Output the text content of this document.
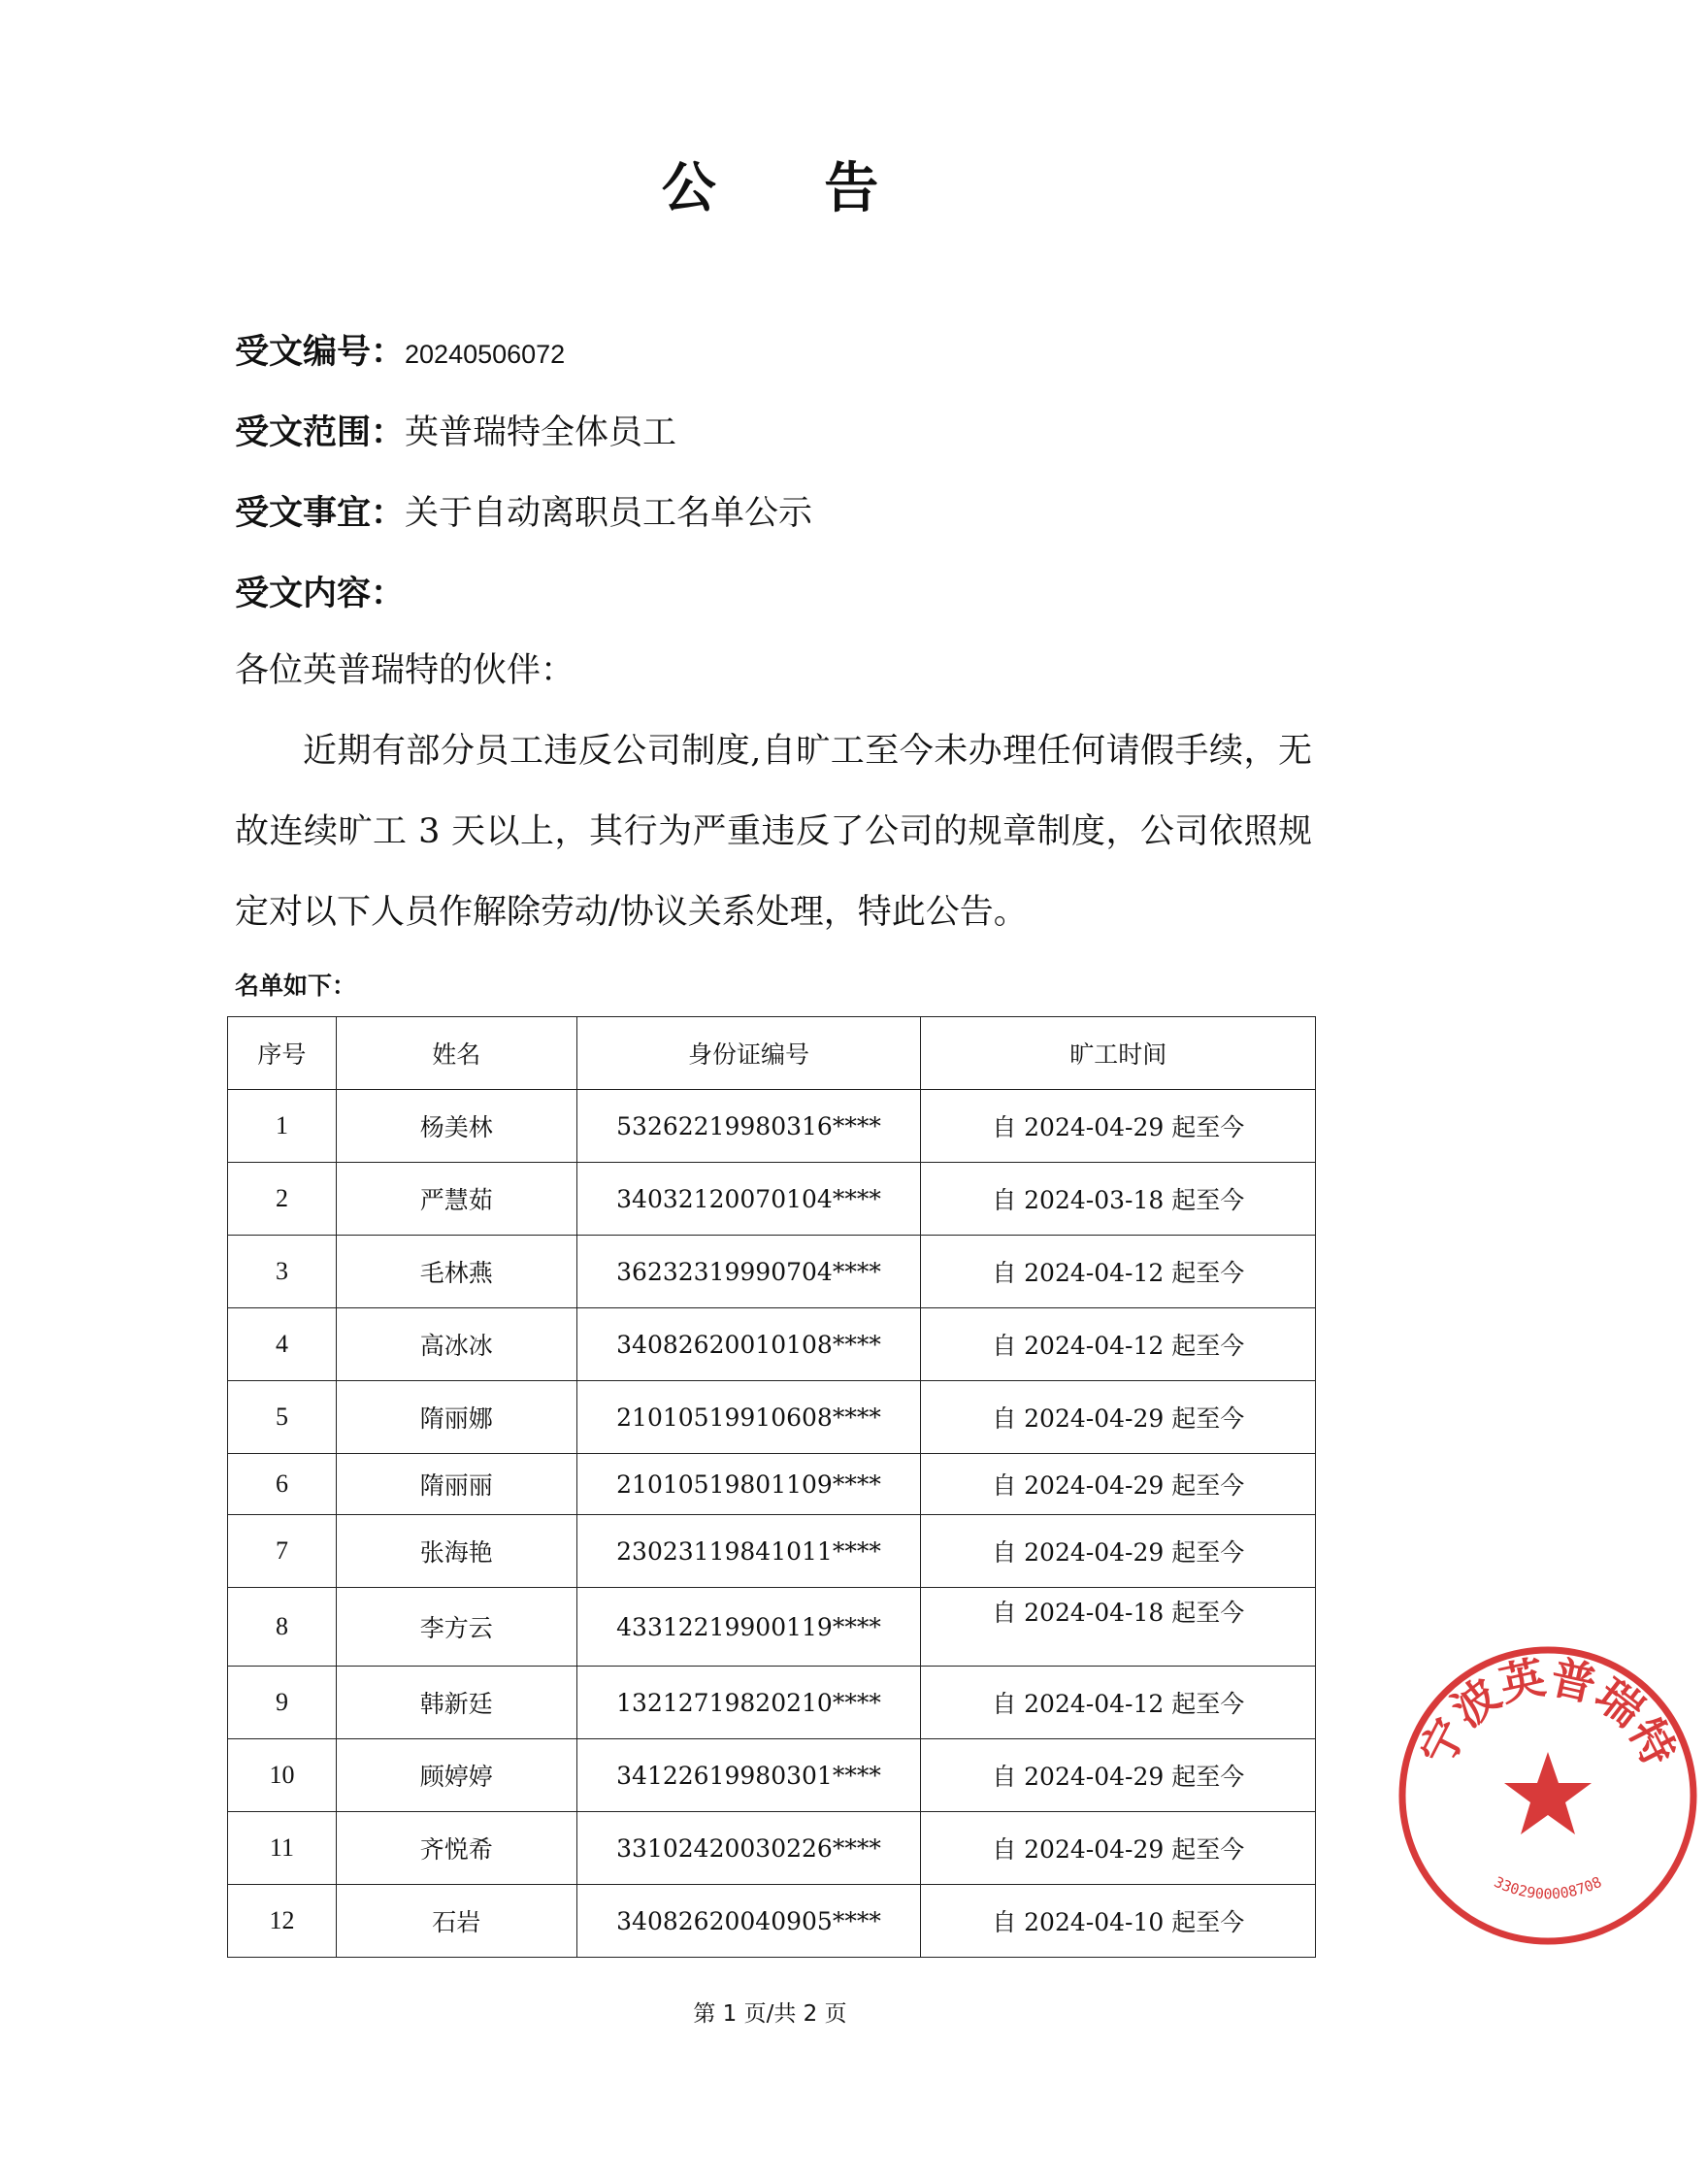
公 告
受文编号：20240506072
受文范围：英普瑞特全体员工
受文事宜：关于自动离职员工名单公示
受文内容：
各位英普瑞特的伙伴：
近期有部分员工违反公司制度,自旷工至今未办理任何请假手续，无故连续旷工 3 天以上，其行为严重违反了公司的规章制度，公司依照规定对以下人员作解除劳动/协议关系处理，特此公告。
名单如下：
序号	姓名	身份证编号	旷工时间
1	杨美林	53262219980316****	自 2024-04-29 起至今
2	严慧茹	34032120070104****	自 2024-03-18 起至今
3	毛林燕	36232319990704****	自 2024-04-12 起至今
4	高冰冰	34082620010108****	自 2024-04-12 起至今
5	隋丽娜	21010519910608****	自 2024-04-29 起至今
6	隋丽丽	21010519801109****	自 2024-04-29 起至今
7	张海艳	23023119841011****	自 2024-04-29 起至今
8	李方云	43312219900119****	自 2024-04-18 起至今
9	韩新廷	13212719820210****	自 2024-04-12 起至今
10	顾婷婷	34122619980301****	自 2024-04-29 起至今
11	齐悦希	33102420030226****	自 2024-04-29 起至今
12	石岩	34082620040905****	自 2024-04-10 起至今
第 1 页/共 2 页
宁波英普瑞特
3302900008708
